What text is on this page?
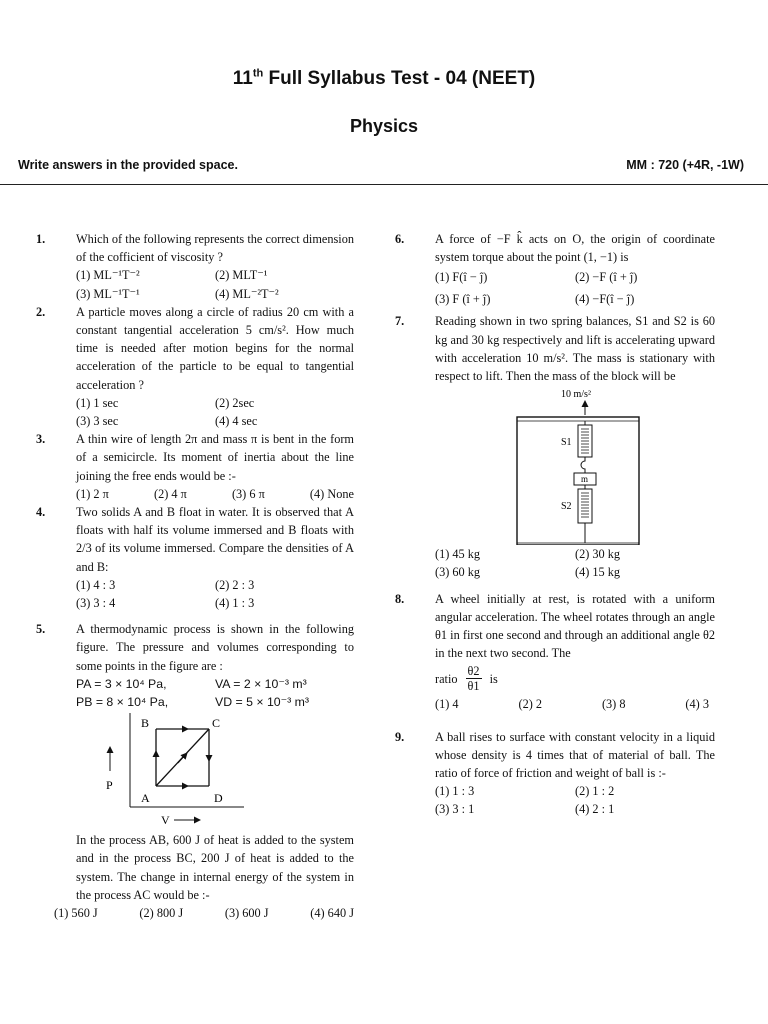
11th Full Syllabus Test - 04 (NEET)
Physics
Write answers in the provided space.	MM : 720 (+4R, -1W)
1.	Which of the following represents the correct dimension of the cofficient of viscosity ?
(1) ML⁻¹T⁻²	(2) MLT⁻¹
(3) ML⁻¹T⁻¹	(4) ML⁻²T⁻²
2.	A particle moves along a circle of radius 20 cm with a constant tangential acceleration 5 cm/s². How much time is needed after motion begins for the normal acceleration of the particle to be equal to tangential acceleration ?
(1) 1 sec	(2) 2sec
(3) 3 sec	(4) 4 sec
3.	A thin wire of length 2π and mass π is bent in the form of a semicircle. Its moment of inertia about the line joining the free ends would be :-
(1) 2 π	(2) 4 π	(3) 6 π	(4) None
4.	Two solids A and B float in water. It is observed that A floats with half its volume immersed and B floats with 2/3 of its volume immersed. Compare the densities of A and B:
(1) 4 : 3	(2) 2 : 3
(3) 3 : 4	(4) 1 : 3
5.	A thermodynamic process is shown in the following figure. The pressure and volumes corresponding to some points in the figure are :
PA = 3 × 10⁴ Pa,	VA = 2 × 10⁻³ m³
PB = 8 × 10⁴ Pa,	VD = 5 × 10⁻³ m³
B	C
A	D
P
V
In the process AB, 600 J of heat is added to the system and in the process BC, 200 J of heat is added to the system. The change in internal energy of the system in the process AC would be :-
(1) 560 J	(2) 800 J	(3) 600 J	(4) 640 J
6.	A force of −F k̂ acts on O, the origin of coordinate system torque about the point (1, −1) is
(1) F(î − ĵ)	(2) −F (î + ĵ)
(3) F (î + ĵ)	(4) −F(î − ĵ)
7.	Reading shown in two spring balances, S1 and S2 is 60 kg and 30 kg respectively and lift is accelerating upward with acceleration 10 m/s². The mass is stationary with respect to lift. Then the mass of the block will be
10 m/s²
m
S1
S2
(1) 45 kg	(2) 30 kg
(3) 60 kg	(4) 15 kg
8.	A wheel initially at rest, is rotated with a uniform angular acceleration. The wheel rotates through an angle θ1 in first one second and through an additional angle θ2 in the next two second. The
ratio $\frac{\theta 2}{\theta 1}$ is
(1) 4	(2) 2	(3) 8	(4) 3
9.	A ball rises to surface with constant velocity in a liquid whose density is 4 times that of material of ball. The ratio of force of friction and weight of ball is :-
(1) 1 : 3	(2) 1 : 2
(3) 3 : 1	(4) 2 : 1
